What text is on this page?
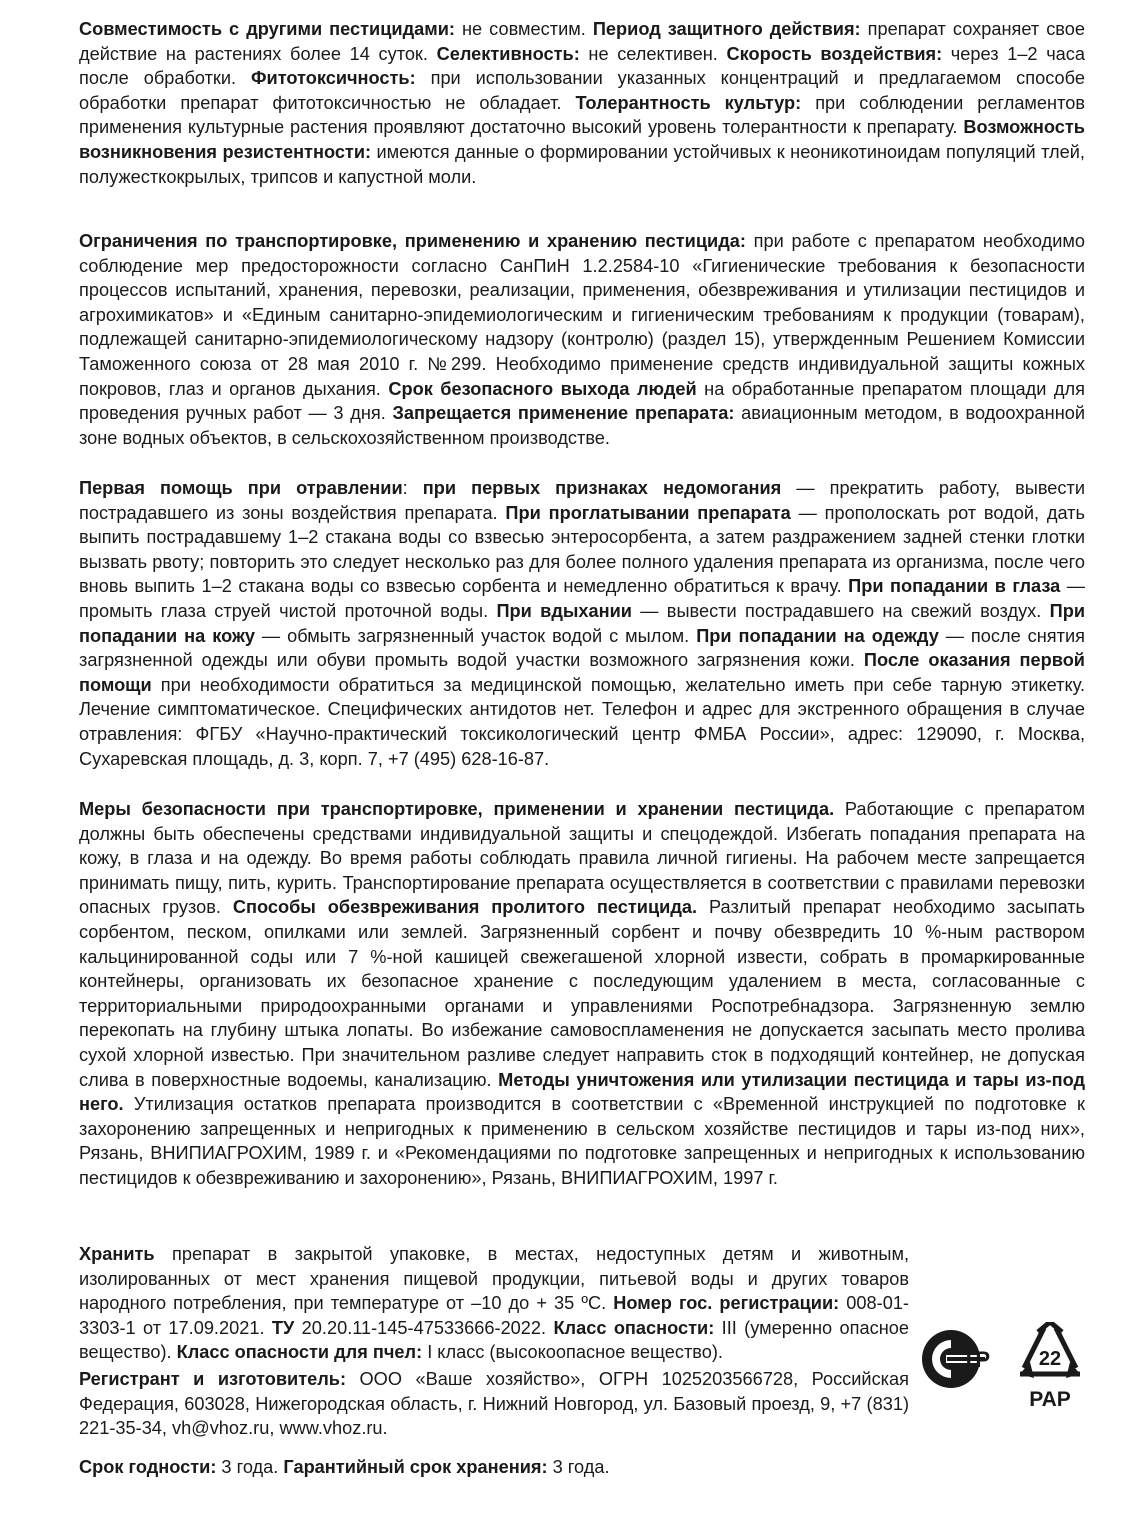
Совместимость с другими пестицидами: не совместим. Период защитного действия: препарат сохраняет свое действие на растениях более 14 суток. Селективность: не селективен. Скорость воздействия: через 1–2 часа после обработки. Фитотоксичность: при использовании указанных концентраций и предлагаемом способе обработки препарат фитотоксичностью не обладает. Толерантность культур: при соблюдении регламентов применения культурные растения проявляют достаточно высокий уровень толерантности к препарату. Возможность возникновения резистентности: имеются данные о формировании устойчивых к неоникотиноидам популяций тлей, полужесткокрылых, трипсов и капустной моли.

Ограничения по транспортировке, применению и хранению пестицида: при работе с препаратом необходимо соблюдение мер предосторожности согласно СанПиН 1.2.2584-10 «Гигиенические требования к безопасности процессов испытаний, хранения, перевозки, реализации, применения, обезвреживания и утилизации пестицидов и агрохимикатов» и «Единым санитарно-эпидемиологическим и гигиеническим требованиям к продукции (товарам), подлежащей санитарно-эпидемиологическому надзору (контролю) (раздел 15), утвержденным Решением Комиссии Таможенного союза от 28 мая 2010 г. №299. Необходимо применение средств индивидуальной защиты кожных покровов, глаз и органов дыхания. Срок безопасного выхода людей на обработанные препаратом площади для проведения ручных работ — 3 дня. Запрещается применение препарата: авиационным методом, в водоохранной зоне водных объектов, в сельскохозяйственном производстве.

Первая помощь при отравлении: при первых признаках недомогания — прекратить работу, вывести пострадавшего из зоны воздействия препарата. При проглатывании препарата — прополоскать рот водой, дать выпить пострадавшему 1–2 стакана воды со взвесью энтеросорбента, а затем раздражением задней стенки глотки вызвать рвоту; повторить это следует несколько раз для более полного удаления препарата из организма, после чего вновь выпить 1–2 стакана воды со взвесью сорбента и немедленно обратиться к врачу. При попадании в глаза — промыть глаза струей чистой проточной воды. При вдыхании — вывести пострадавшего на свежий воздух. При попадании на кожу — обмыть загрязненный участок водой с мылом. При попадании на одежду — после снятия загрязненной одежды или обуви промыть водой участки возможного загрязнения кожи. После оказания первой помощи при необходимости обратиться за медицинской помощью, желательно иметь при себе тарную этикетку. Лечение симптоматическое. Специфических антидотов нет. Телефон и адрес для экстренного обращения в случае отравления: ФГБУ «Научно-практический токсикологический центр ФМБА России», адрес: 129090, г. Москва, Сухаревская площадь, д. 3, корп. 7, +7 (495) 628-16-87.

Меры безопасности при транспортировке, применении и хранении пестицида. Работающие с препаратом должны быть обеспечены средствами индивидуальной защиты и спецодеждой. Избегать попадания препарата на кожу, в глаза и на одежду. Во время работы соблюдать правила личной гигиены. На рабочем месте запрещается принимать пищу, пить, курить. Транспортирование препарата осуществляется в соответствии с правилами перевозки опасных грузов. Способы обезвреживания пролитого пестицида. Разлитый препарат необходимо засыпать сорбентом, песком, опилками или землей. Загрязненный сорбент и почву обезвредить 10 %-ным раствором кальцинированной соды или 7 %-ной кашицей свежегашеной хлорной извести, собрать в промаркированные контейнеры, организовать их безопасное хранение с последующим удалением в места, согласованные с территориальными природоохранными органами и управлениями Роспотребнадзора. Загрязненную землю перекопать на глубину штыка лопаты. Во избежание самовоспламенения не допускается засыпать место пролива сухой хлорной известью. При значительном разливе следует направить сток в подходящий контейнер, не допуская слива в поверхностные водоемы, канализацию. Методы уничтожения или утилизации пестицида и тары из-под него. Утилизация остатков препарата производится в соответствии с «Временной инструкцией по подготовке к захоронению запрещенных и непригодных к применению в сельском хозяйстве пестицидов и тары из-под них», Рязань, ВНИПИАГРОХИМ, 1989 г. и «Рекомендациями по подготовке запрещенных и непригодных к использованию пестицидов к обезвреживанию и захоронению», Рязань, ВНИПИАГРОХИМ, 1997 г.

Хранить препарат в закрытой упаковке, в местах, недоступных детям и животным, изолированных от мест хранения пищевой продукции, питьевой воды и других товаров народного потребления, при температуре от –10 до + 35 ºС. Номер гос. регистрации: 008-01-3303-1 от 17.09.2021. ТУ 20.20.11-145-47533666-2022. Класс опасности: III (умеренно опасное вещество). Класс опасности для пчел: I класс (высокоопасное вещество).

Регистрант и изготовитель: ООО «Ваше хозяйство», ОГРН 1025203566728, Российская Федерация, 603028, Нижегородская область, г. Нижний Новгород, ул. Базовый проезд, 9, +7 (831) 221-35-34, vh@vhoz.ru, www.vhoz.ru.

Срок годности: 3 года. Гарантийный срок хранения: 3 года.

ТР 22
PAP
